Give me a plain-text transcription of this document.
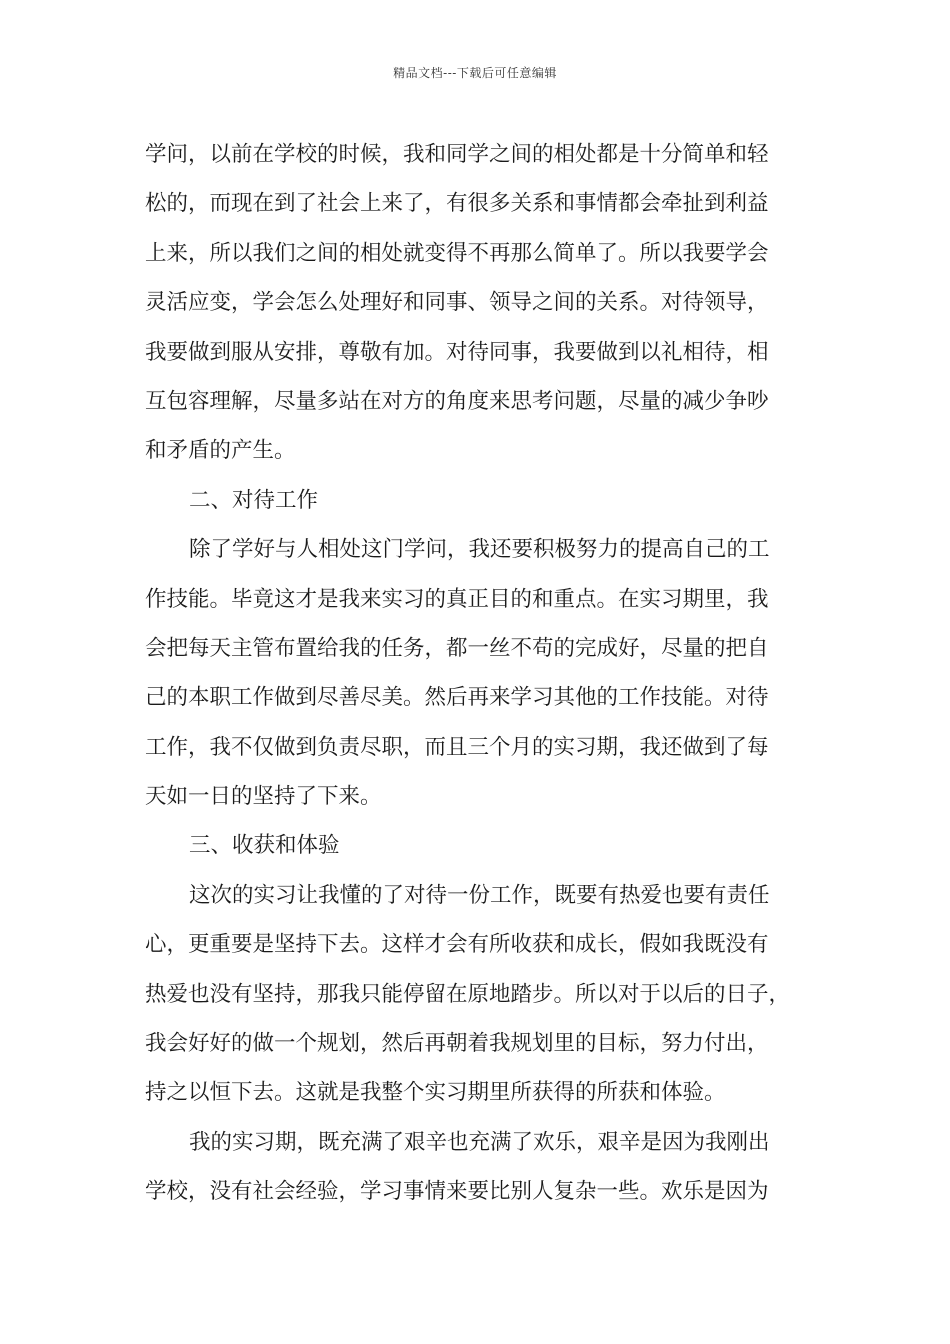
精品文档---下载后可任意编辑
学问，以前在学校的时候，我和同学之间的相处都是十分简单和轻
松的，而现在到了社会上来了，有很多关系和事情都会牵扯到利益
上来，所以我们之间的相处就变得不再那么简单了。所以我要学会
灵活应变，学会怎么处理好和同事、领导之间的关系。对待领导，
我要做到服从安排，尊敬有加。对待同事，我要做到以礼相待，相
互包容理解，尽量多站在对方的角度来思考问题，尽量的减少争吵
和矛盾的产生。
二、对待工作
除了学好与人相处这门学问，我还要积极努力的提高自己的工
作技能。毕竟这才是我来实习的真正目的和重点。在实习期里，我
会把每天主管布置给我的任务，都一丝不苟的完成好，尽量的把自
己的本职工作做到尽善尽美。然后再来学习其他的工作技能。对待
工作，我不仅做到负责尽职，而且三个月的实习期，我还做到了每
天如一日的坚持了下来。
三、收获和体验
这次的实习让我懂的了对待一份工作，既要有热爱也要有责任
心，更重要是坚持下去。这样才会有所收获和成长，假如我既没有
热爱也没有坚持，那我只能停留在原地踏步。所以对于以后的日子，
我会好好的做一个规划，然后再朝着我规划里的目标，努力付出，
持之以恒下去。这就是我整个实习期里所获得的所获和体验。
我的实习期，既充满了艰辛也充满了欢乐，艰辛是因为我刚出
学校，没有社会经验，学习事情来要比别人复杂一些。欢乐是因为
